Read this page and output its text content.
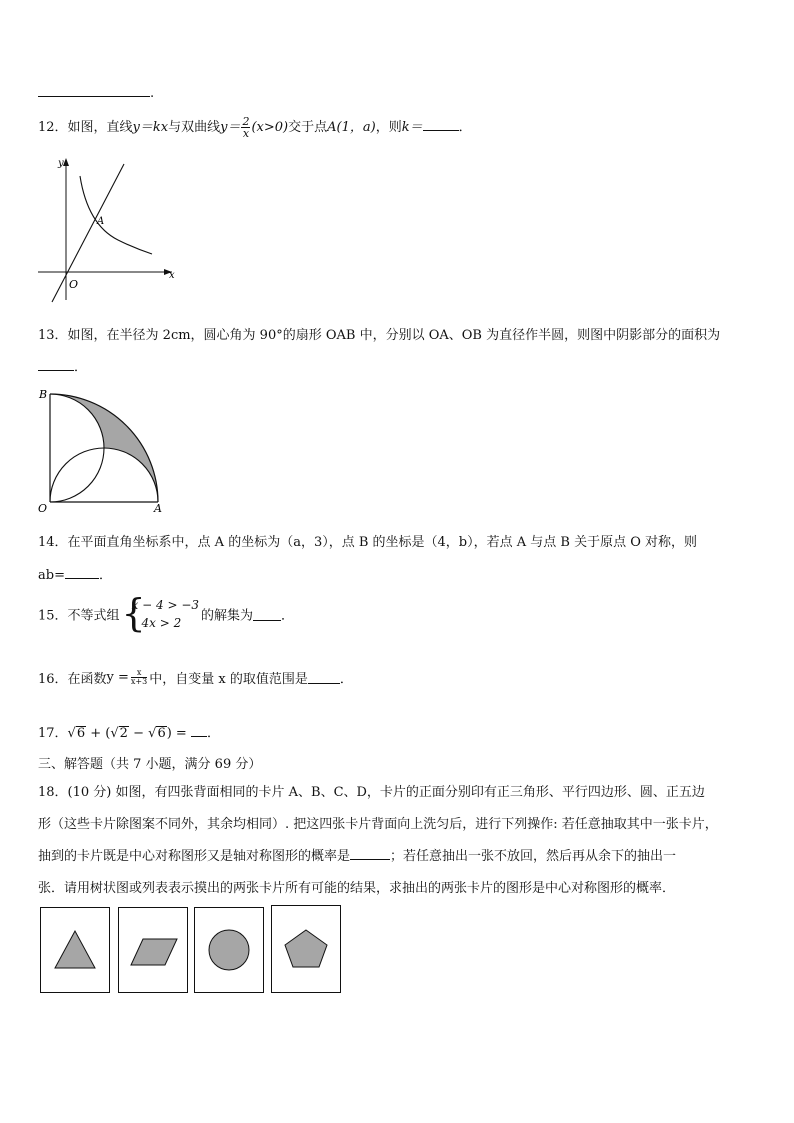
.
12．如图，直线y＝kx与双曲线$y= \frac{2}{x} (x>0)$交于点A(1，a)，则k＝	．
y
x
O
A
13．如图，在半径为 2cm，圆心角为 90°的扇形 OAB 中，分别以 OA、OB 为直径作半圆，则图中阴影部分的面积为
．
B
O	A
14．在平面直角坐标系中，点 A 的坐标为（a，3），点 B 的坐标是（4，b），若点 A 与点 B 关于原点 O 对称，则
ab=	．
15．不等式组 {
x − 4 > −3
4x > 2	的解集为 ．
16．在函数$y = \frac{x}{x+3}$ 中，自变量 x 的取值范围是 ．
17．√6 + (√2 − √6) = ．
三、解答题（共 7 小题，满分 69 分）
18．(10 分) 如图，有四张背面相同的卡片 A、B、C、D，卡片的正面分别印有正三角形、平行四边形、圆、正五边
形（这些卡片除图案不同外，其余均相同）. 把这四张卡片背面向上洗匀后，进行下列操作: 若任意抽取其中一张卡片，
抽到的卡片既是中心对称图形又是轴对称图形的概率是	；若任意抽出一张不放回，然后再从余下的抽出一
张．请用树状图或列表表示摸出的两张卡片所有可能的结果，求抽出的两张卡片的图形是中心对称图形的概率．
